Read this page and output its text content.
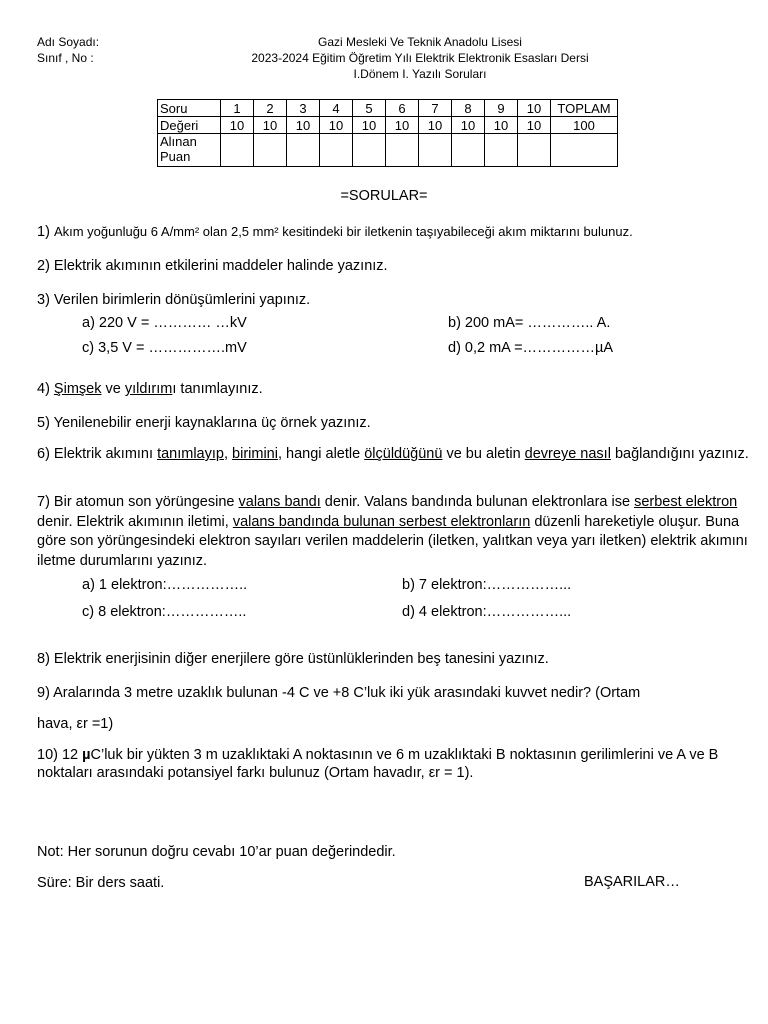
Adı Soyadı:
Sınıf , No :
Gazi Mesleki Ve Teknik Anadolu Lisesi
2023-2024 Eğitim Öğretim Yılı Elektrik Elektronik Esasları Dersi
I.Dönem I. Yazılı Soruları
Soru	1	2	3	4	5	6	7	8	9	10	TOPLAM
Değeri	10	10	10	10	10	10	10	10	10	10	100
Alınan
Puan											
=SORULAR=
1) Akım yoğunluğu 6 A/mm² olan 2,5 mm² kesitindeki bir iletkenin taşıyabileceği akım miktarını bulunuz.
2) Elektrik akımının etkilerini maddeler halinde yazınız.
3) Verilen birimlerin dönüşümlerini yapınız.
a) 220 V = ………… …kV	b) 200 mA= ………….. A.
c) 3,5 V = …………….mV	d) 0,2 mA =……………µA
4) Şimşek ve yıldırımı tanımlayınız.
5) Yenilenebilir enerji kaynaklarına üç örnek yazınız.
6) Elektrik akımını tanımlayıp, birimini, hangi aletle ölçüldüğünü ve bu aletin devreye nasıl bağlandığını yazınız.
7) Bir atomun son yörüngesine valans bandı denir. Valans bandında bulunan elektronlara ise serbest elektron denir. Elektrik akımının iletimi, valans bandında bulunan serbest elektronların düzenli hareketiyle oluşur. Buna göre son yörüngesindeki elektron sayıları verilen maddelerin (iletken, yalıtkan veya yarı iletken) elektrik akımını iletme durumlarını yazınız.
a) 1 elektron:……………..	b) 7 elektron:……………...
c) 8 elektron:……………..	d) 4 elektron:……………...
8) Elektrik enerjisinin diğer enerjilere göre üstünlüklerinden beş tanesini yazınız.
9) Aralarında 3 metre uzaklık bulunan -4 C ve +8 C’luk iki yük arasındaki kuvvet nedir? (Ortam
hava, εr =1)
10) 12 µC’luk bir yükten 3 m uzaklıktaki A noktasının ve 6 m uzaklıktaki B noktasının gerilimlerini ve A ve B noktaları arasındaki potansiyel farkı bulunuz (Ortam havadır, εr = 1).
Not: Her sorunun doğru cevabı 10’ar puan değerindedir.
Süre: Bir ders saati.	BAŞARILAR…
